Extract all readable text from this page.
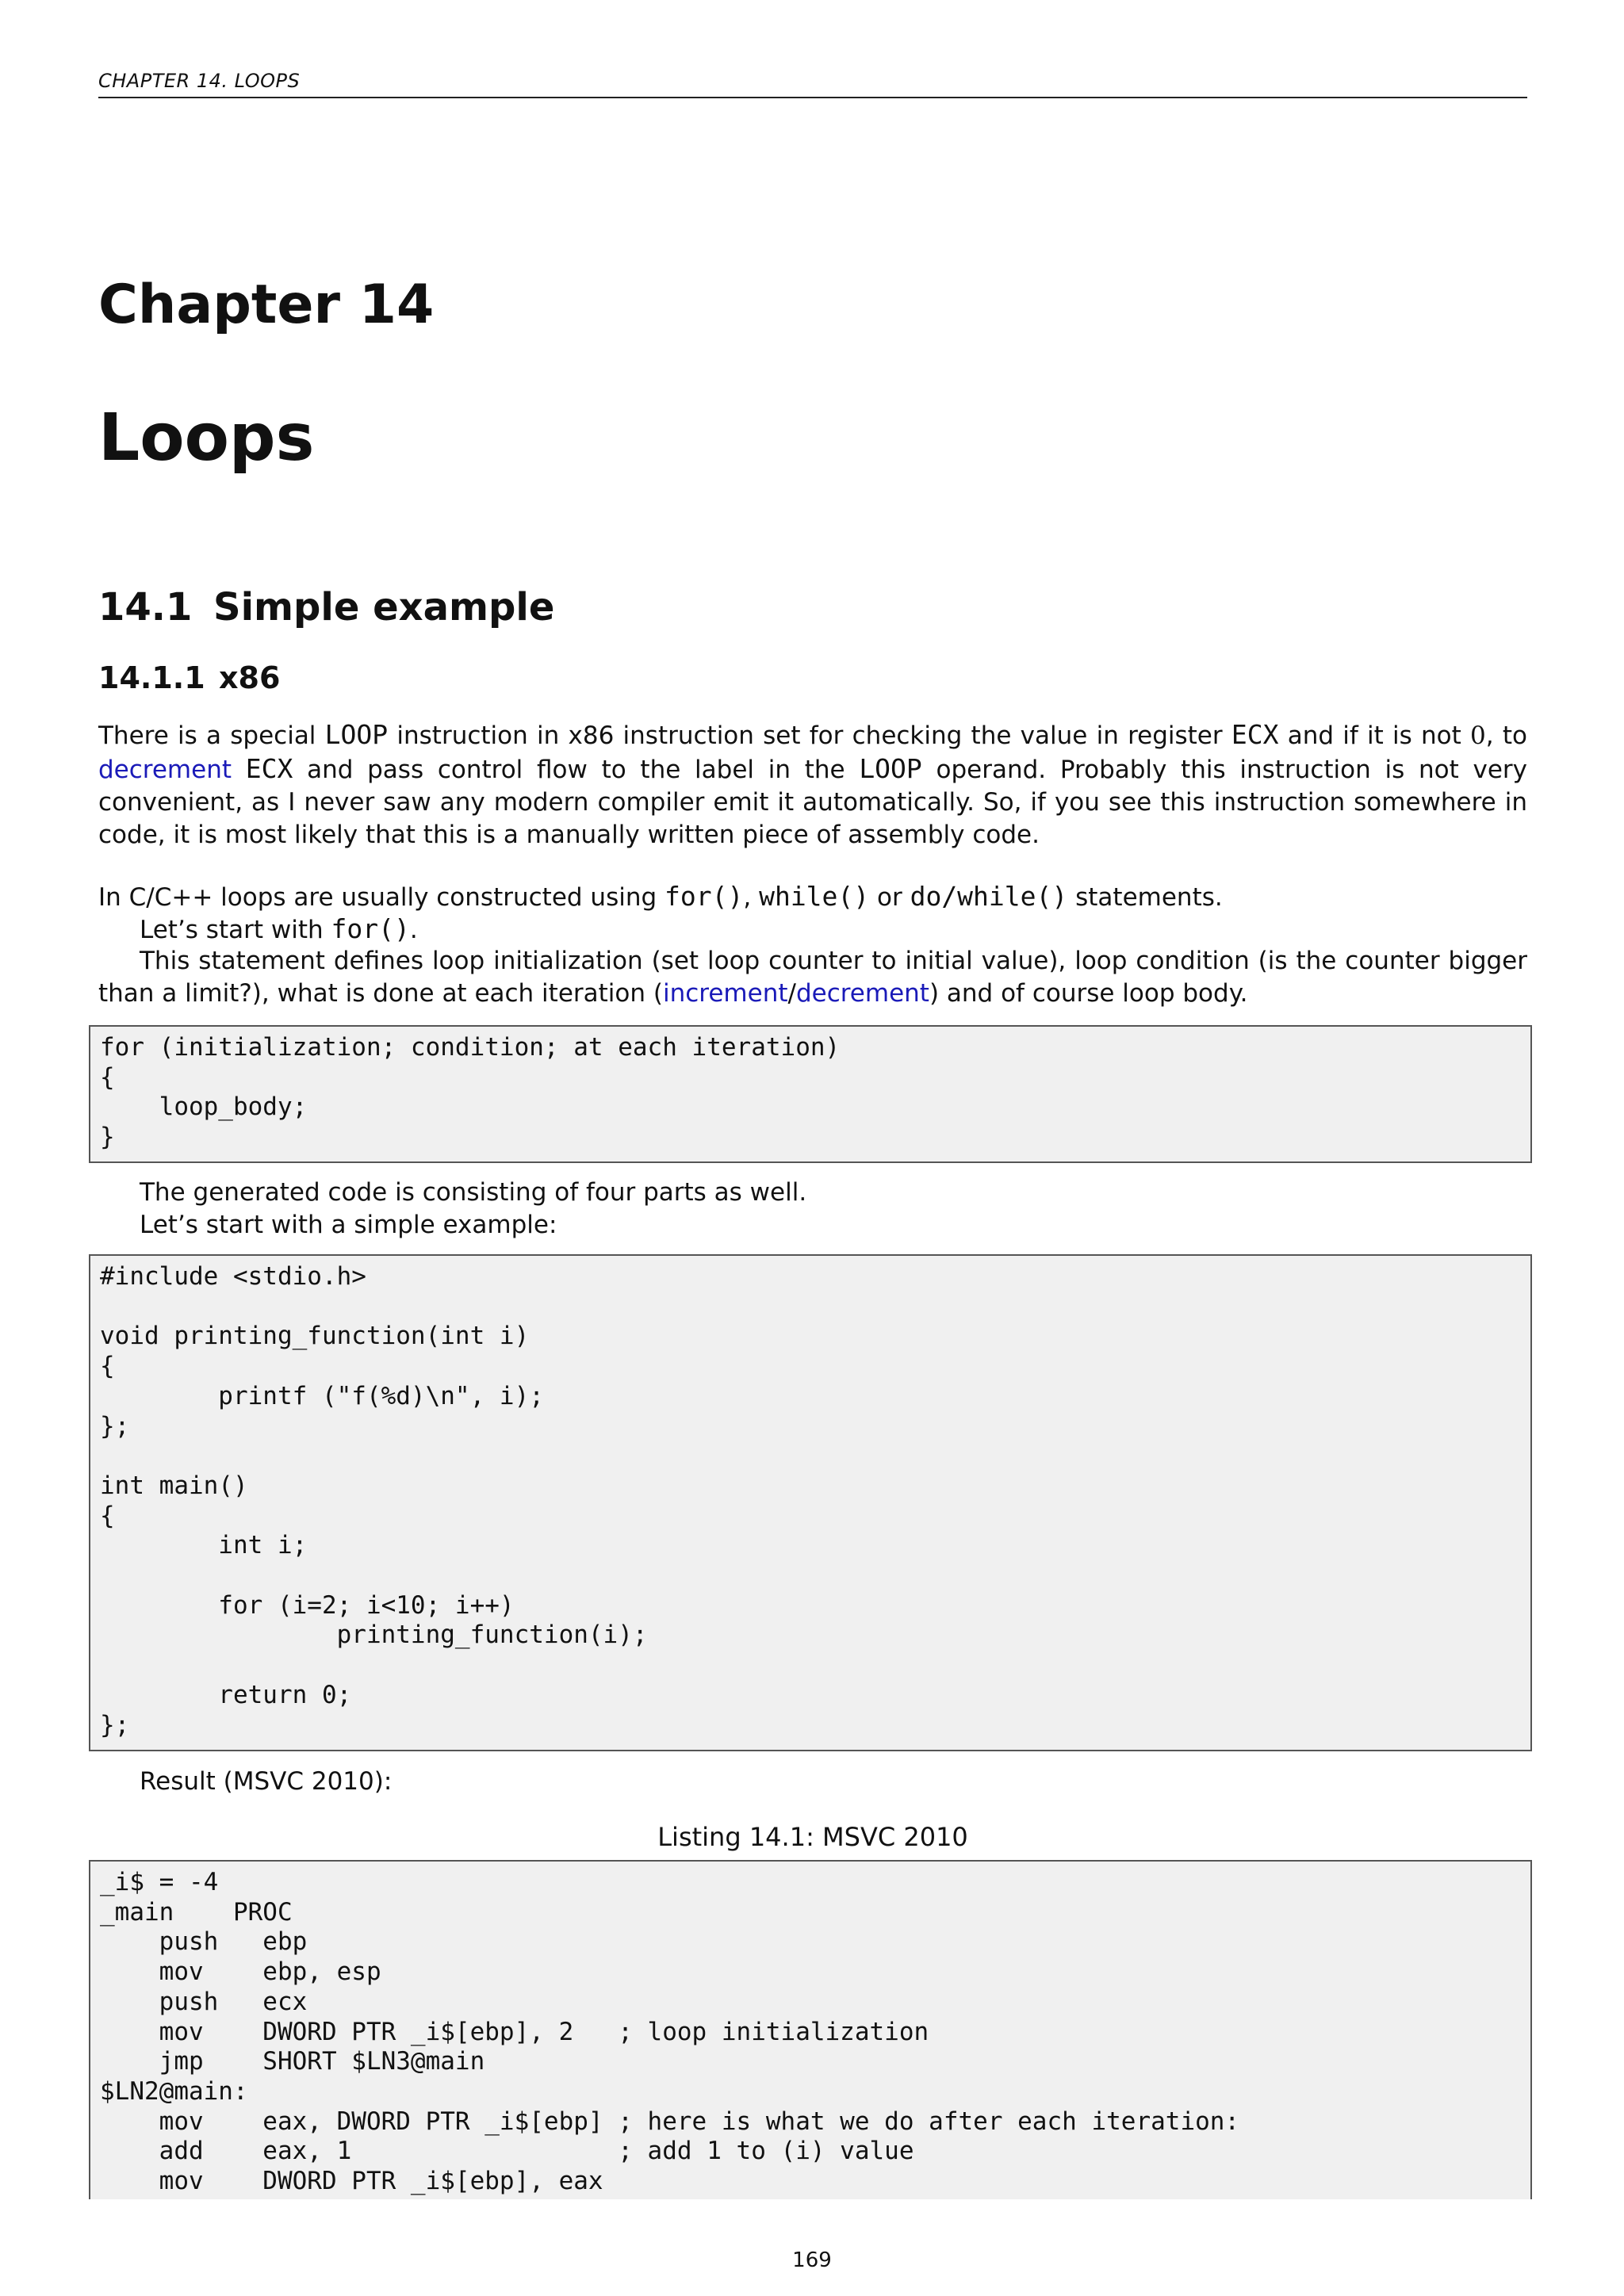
CHAPTER 14. LOOPS
Chapter 14
Loops
14.1 Simple example
14.1.1 x86

There is a special LOOP instruction in x86 instruction set for checking the value in register ECX and if it is not 0, to decrement ECX and pass control flow to the label in the LOOP operand. Probably this instruction is not very convenient, as I never saw any modern compiler emit it automatically. So, if you see this instruction somewhere in code, it is most likely that this is a manually written piece of assembly code.

In C/C++ loops are usually constructed using for(), while() or do/while() statements.

Let’s start with for().

This statement defines loop initialization (set loop counter to initial value), loop condition (is the counter bigger than a limit?), what is done at each iteration (increment/decrement) and of course loop body.

for (initialization; condition; at each iteration)
{
loop_body;
}

The generated code is consisting of four parts as well.

Let’s start with a simple example:

#include <stdio.h>

void printing_function(int i)
{
printf ("f(%d)\n", i);
};

int main()
{
int i;

for (i=2; i<10; i++)
printing_function(i);

return 0;
};

Result (MSVC 2010):

Listing 14.1: MSVC 2010
_i$ = -4
_main    PROC
push   ebp
mov    ebp, esp
push   ecx
mov    DWORD PTR _i$[ebp], 2   ; loop initialization
jmp    SHORT $LN3@main
$LN2@main:
mov    eax, DWORD PTR _i$[ebp] ; here is what we do after each iteration:
add    eax, 1                  ; add 1 to (i) value
mov    DWORD PTR _i$[ebp], eax
169
